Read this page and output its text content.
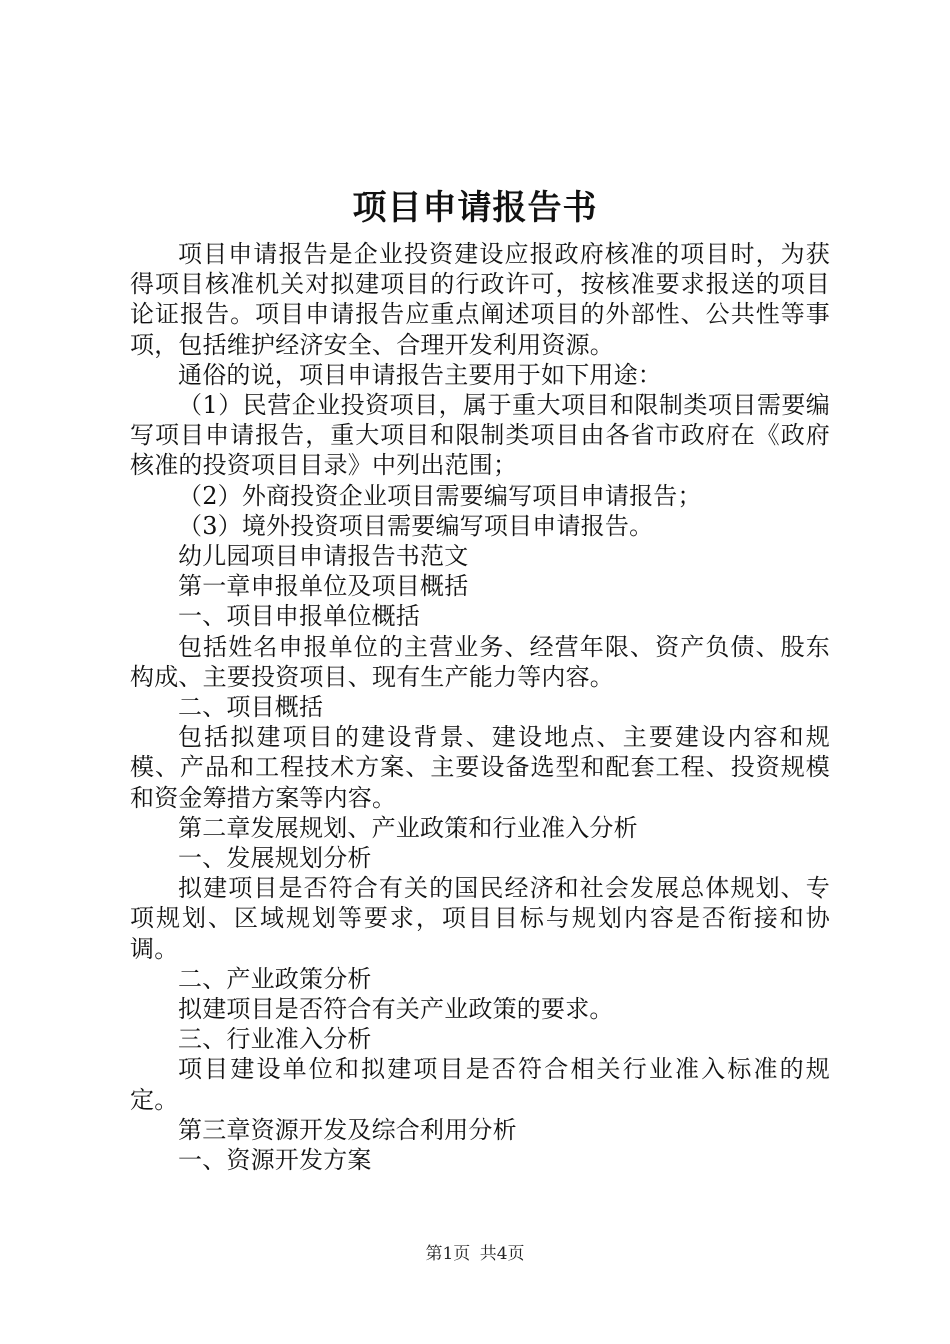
项目申请报告书

项目申请报告是企业投资建设应报政府核准的项目时，为获得项目核准机关对拟建项目的行政许可，按核准要求报送的项目论证报告。项目申请报告应重点阐述项目的外部性、公共性等事项，包括维护经济安全、合理开发利用资源。

通俗的说，项目申请报告主要用于如下用途：

（1）民营企业投资项目，属于重大项目和限制类项目需要编写项目申请报告，重大项目和限制类项目由各省市政府在《政府核准的投资项目目录》中列出范围；

（2）外商投资企业项目需要编写项目申请报告；

（3）境外投资项目需要编写项目申请报告。

幼儿园项目申请报告书范文

第一章申报单位及项目概括

一、项目申报单位概括

包括姓名申报单位的主营业务、经营年限、资产负债、股东构成、主要投资项目、现有生产能力等内容。

二、项目概括

包括拟建项目的建设背景、建设地点、主要建设内容和规模、产品和工程技术方案、主要设备选型和配套工程、投资规模和资金筹措方案等内容。

第二章发展规划、产业政策和行业准入分析

一、发展规划分析

拟建项目是否符合有关的国民经济和社会发展总体规划、专项规划、区域规划等要求，项目目标与规划内容是否衔接和协调。

二、产业政策分析

拟建项目是否符合有关产业政策的要求。

三、行业准入分析

项目建设单位和拟建项目是否符合相关行业准入标准的规定。

第三章资源开发及综合利用分析

一、资源开发方案

第1页 共4页
